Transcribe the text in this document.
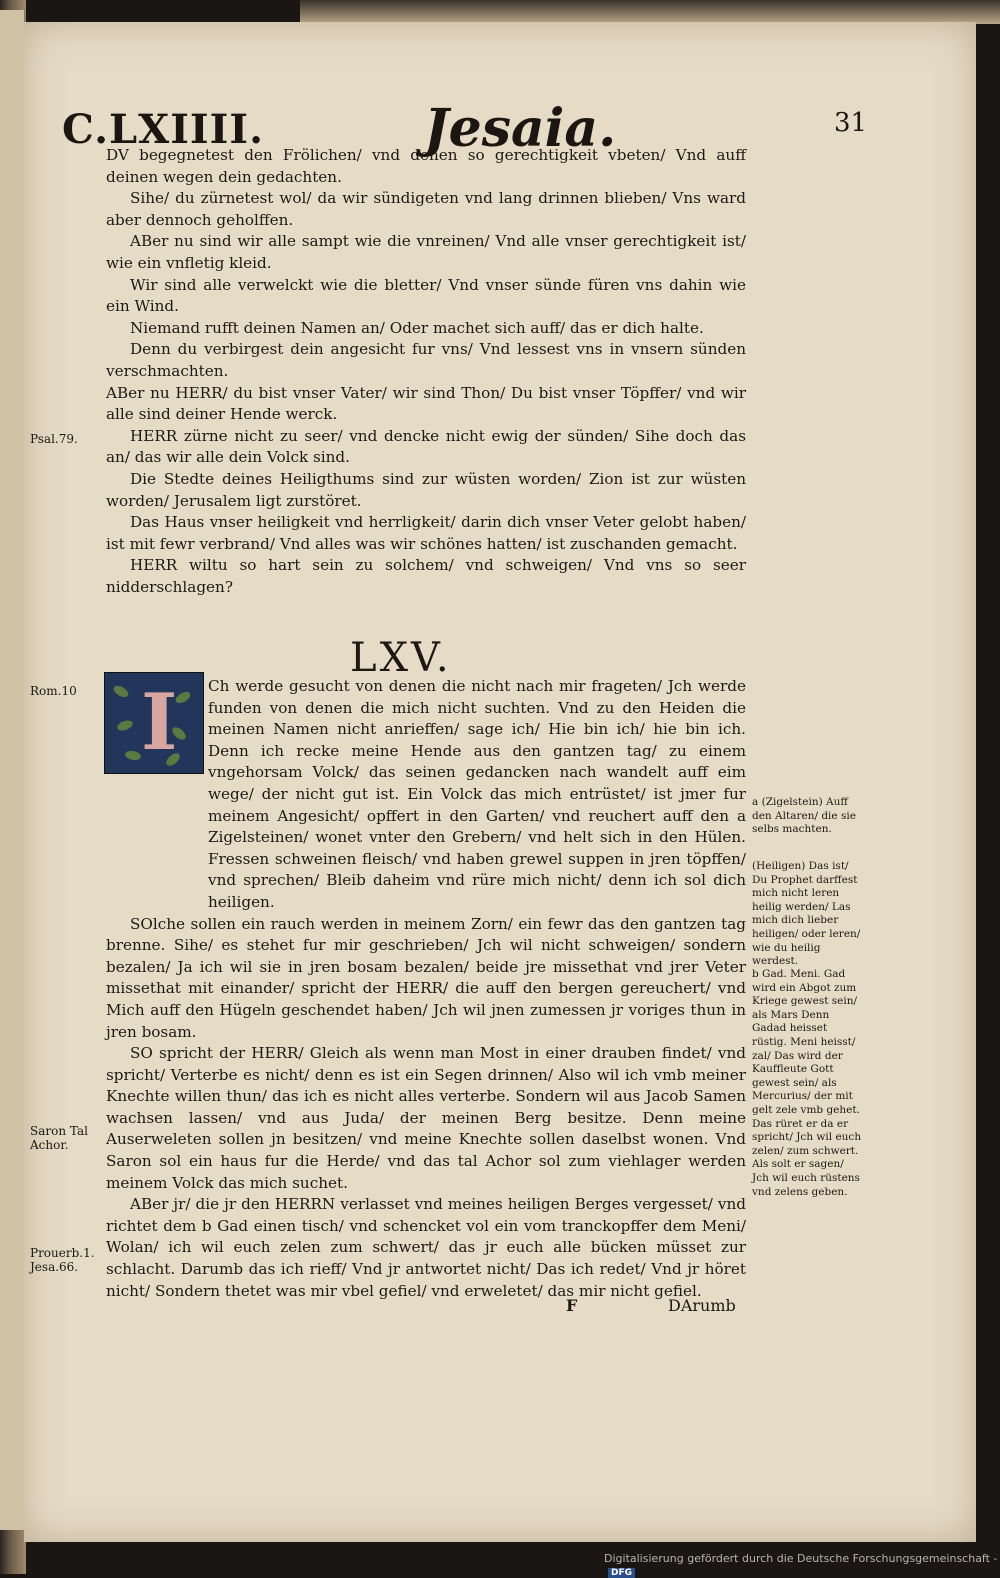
C.LXIIII.	Jesaia.	31

DV begegnetest den Frölichen/ vnd denen so gerechtigkeit vbeten/ Vnd auff deinen wegen dein gedachten.

Sihe/ du zürnetest wol/ da wir sündigeten vnd lang drinnen blieben/ Vns ward aber dennoch geholffen.

ABer nu sind wir alle sampt wie die vnreinen/ Vnd alle vnser gerechtigkeit ist/ wie ein vnfletig kleid.

Wir sind alle verwelckt wie die bletter/ Vnd vnser sünde füren vns dahin wie ein Wind.

Niemand rufft deinen Namen an/ Oder machet sich auff/ das er dich halte.

Denn du verbirgest dein angesicht fur vns/ Vnd lessest vns in vnsern sünden verschmachten.

ABer nu HERR/ du bist vnser Vater/ wir sind Thon/ Du bist vnser Töpffer/ vnd wir alle sind deiner Hende werck.

HERR zürne nicht zu seer/ vnd dencke nicht ewig der sünden/ Sihe doch das an/ das wir alle dein Volck sind.

Die Stedte deines Heiligthums sind zur wüsten worden/ Zion ist zur wüsten worden/ Jerusalem ligt zurstöret.

Das Haus vnser heiligkeit vnd herrligkeit/ darin dich vnser Veter gelobt haben/ ist mit fewr verbrand/ Vnd alles was wir schönes hatten/ ist zuschanden gemacht.

HERR wiltu so hart sein zu solchem/ vnd schweigen/ Vnd vns so seer nidderschlagen?

LXV.
I	Ch werde gesucht von denen die nicht nach mir frageten/ Jch werde funden von denen die mich nicht suchten. Vnd zu den Heiden die meinen Namen nicht anrieffen/ sage ich/ Hie bin ich/ hie bin ich. Denn ich recke meine Hende aus den gantzen tag/ zu einem vngehorsam Volck/ das seinen gedancken nach wandelt auff eim wege/ der nicht gut ist. Ein Volck das mich entrüstet/ ist jmer fur meinem Angesicht/ opffert in den Garten/ vnd reuchert auff den a Zigelsteinen/ wonet vnter den Grebern/ vnd helt sich in den Hülen. Fressen schweinen fleisch/ vnd haben grewel suppen in jren töpffen/ vnd sprechen/ Bleib daheim vnd rüre mich nicht/ denn ich sol dich heiligen.

SOlche sollen ein rauch werden in meinem Zorn/ ein fewr das den gantzen tag brenne. Sihe/ es stehet fur mir geschrieben/ Jch wil nicht schweigen/ sondern bezalen/ Ja ich wil sie in jren bosam bezalen/ beide jre missethat vnd jrer Veter missethat mit einander/ spricht der HERR/ die auff den bergen gereuchert/ vnd Mich auff den Hügeln geschendet haben/ Jch wil jnen zumessen jr voriges thun in jren bosam.

SO spricht der HERR/ Gleich als wenn man Most in einer drauben findet/ vnd spricht/ Verterbe es nicht/ denn es ist ein Segen drinnen/ Also wil ich vmb meiner Knechte willen thun/ das ich es nicht alles verterbe. Sondern wil aus Jacob Samen wachsen lassen/ vnd aus Juda/ der meinen Berg besitze. Denn meine Auserweleten sollen jn besitzen/ vnd meine Knechte sollen daselbst wonen. Vnd Saron sol ein haus fur die Herde/ vnd das tal Achor sol zum viehlager werden meinem Volck das mich suchet.

ABer jr/ die jr den HERRN verlasset vnd meines heiligen Berges vergesset/ vnd richtet dem b Gad einen tisch/ vnd schencket vol ein vom tranckopffer dem Meni/ Wolan/ ich wil euch zelen zum schwert/ das jr euch alle bücken müsset zur schlacht. Darumb das ich rieff/ Vnd jr antwortet nicht/ Das ich redet/ Vnd jr höret nicht/ Sondern thetet was mir vbel gefiel/ vnd erweletet/ das mir nicht gefiel.

Psal.79.
Rom.10
Saron Tal Achor.
Prouerb.1. Jesa.66.
a (Zigelstein) Auff den Altaren/ die sie selbs machten.
(Heiligen) Das ist/ Du Prophet darffest mich nicht leren heilig werden/ Las mich dich lieber heiligen/ oder leren/ wie du heilig werdest.
b Gad. Meni. Gad wird ein Abgot zum Kriege gewest sein/ als Mars Denn Gadad heisset rüstig. Meni heisst/ zal/ Das wird der Kauffleute Gott gewest sein/ als Mercurius/ der mit gelt zele vmb gehet. Das rüret er da er spricht/ Jch wil euch zelen/ zum schwert. Als solt er sagen/ Jch wil euch rüstens vnd zelens geben.
F	DArumb
Digitalisierung gefördert durch die Deutsche Forschungsgemeinschaft -DFG
